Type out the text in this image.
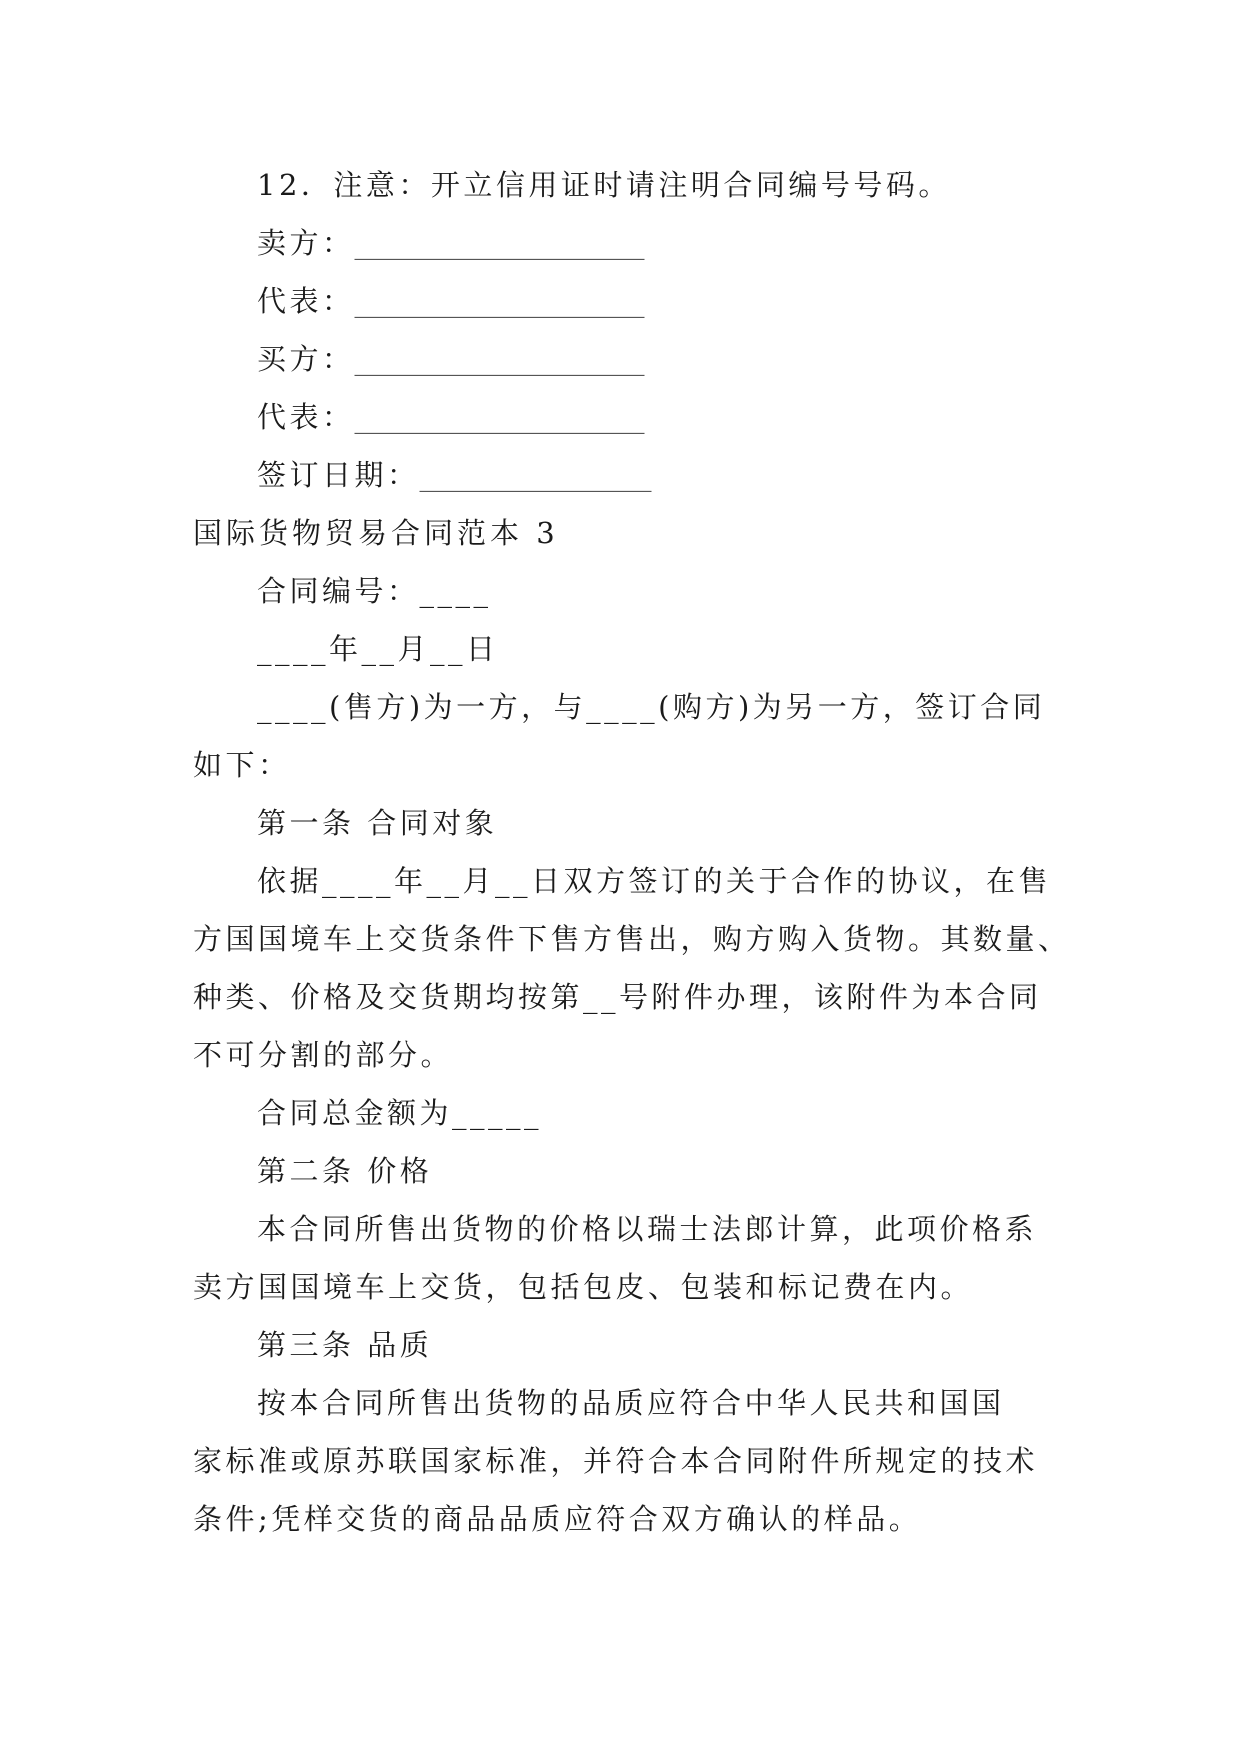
12．注意：开立信用证时请注明合同编号号码。
卖方： ____________________
代表： ____________________
买方： ____________________
代表： ____________________
签订日期： ________________
国际货物贸易合同范本 3
合同编号：____
____年__月__日
____(售方)为一方，与____(购方)为另一方，签订合同
如下：
第一条 合同对象
依据____年__月__日双方签订的关于合作的协议，在售
方国国境车上交货条件下售方售出，购方购入货物。其数量、
种类、价格及交货期均按第__号附件办理，该附件为本合同
不可分割的部分。
合同总金额为_____
第二条 价格
本合同所售出货物的价格以瑞士法郎计算，此项价格系
卖方国国境车上交货，包括包皮、包装和标记费在内。
第三条 品质
按本合同所售出货物的品质应符合中华人民共和国国
家标准或原苏联国家标准，并符合本合同附件所规定的技术
条件;凭样交货的商品品质应符合双方确认的样品。
